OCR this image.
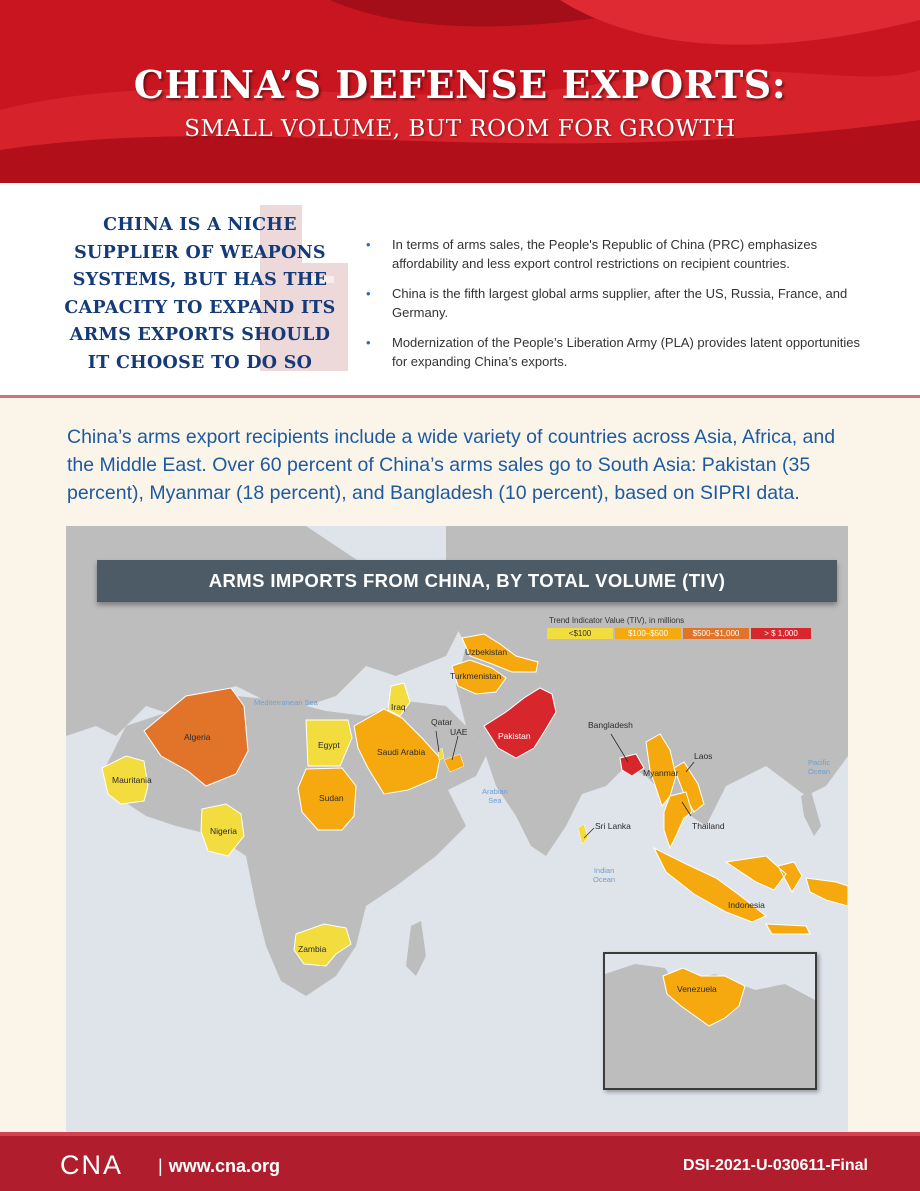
CHINA’S DEFENSE EXPORTS:
SMALL VOLUME, BUT ROOM FOR GROWTH
CHINA IS A NICHE
SUPPLIER OF WEAPONS
SYSTEMS, BUT HAS THE
CAPACITY TO EXPAND ITS
ARMS EXPORTS SHOULD
IT CHOOSE TO DO SO
• In terms of arms sales, the People's Republic of China (PRC) emphasizes affordability and less export control restrictions on recipient countries.
• China is the fifth largest global arms supplier, after the US, Russia, France, and Germany.
• Modernization of the People’s Liberation Army (PLA) provides latent opportunities for expanding China’s exports.
China’s arms export recipients include a wide variety of countries across Asia, Africa, and the Middle East. Over 60 percent of China’s arms sales go to South Asia: Pakistan (35 percent), Myanmar (18 percent), and Bangladesh (10 percent), based on SIPRI data.
ARMS IMPORTS FROM CHINA, BY TOTAL VOLUME (TIV)
Trend Indicator Value (TIV), in millions
<$100	$100–$500	$500–$1,000	> $ 1,000
Mediterranean Sea
Arabian
Sea
Indian
Ocean
Pacific
Ocean
Algeria
Mauritania
Nigeria
Egypt
Sudan
Zambia
Iraq
Saudi Arabia
Qatar
UAE
Uzbekistan
Turkmenistan
Pakistan
Bangladesh
Myanmar
Laos
Thailand
Sri Lanka
Indonesia
Venezuela
CNA | www.cna.org	DSI-2021-U-030611-Final
